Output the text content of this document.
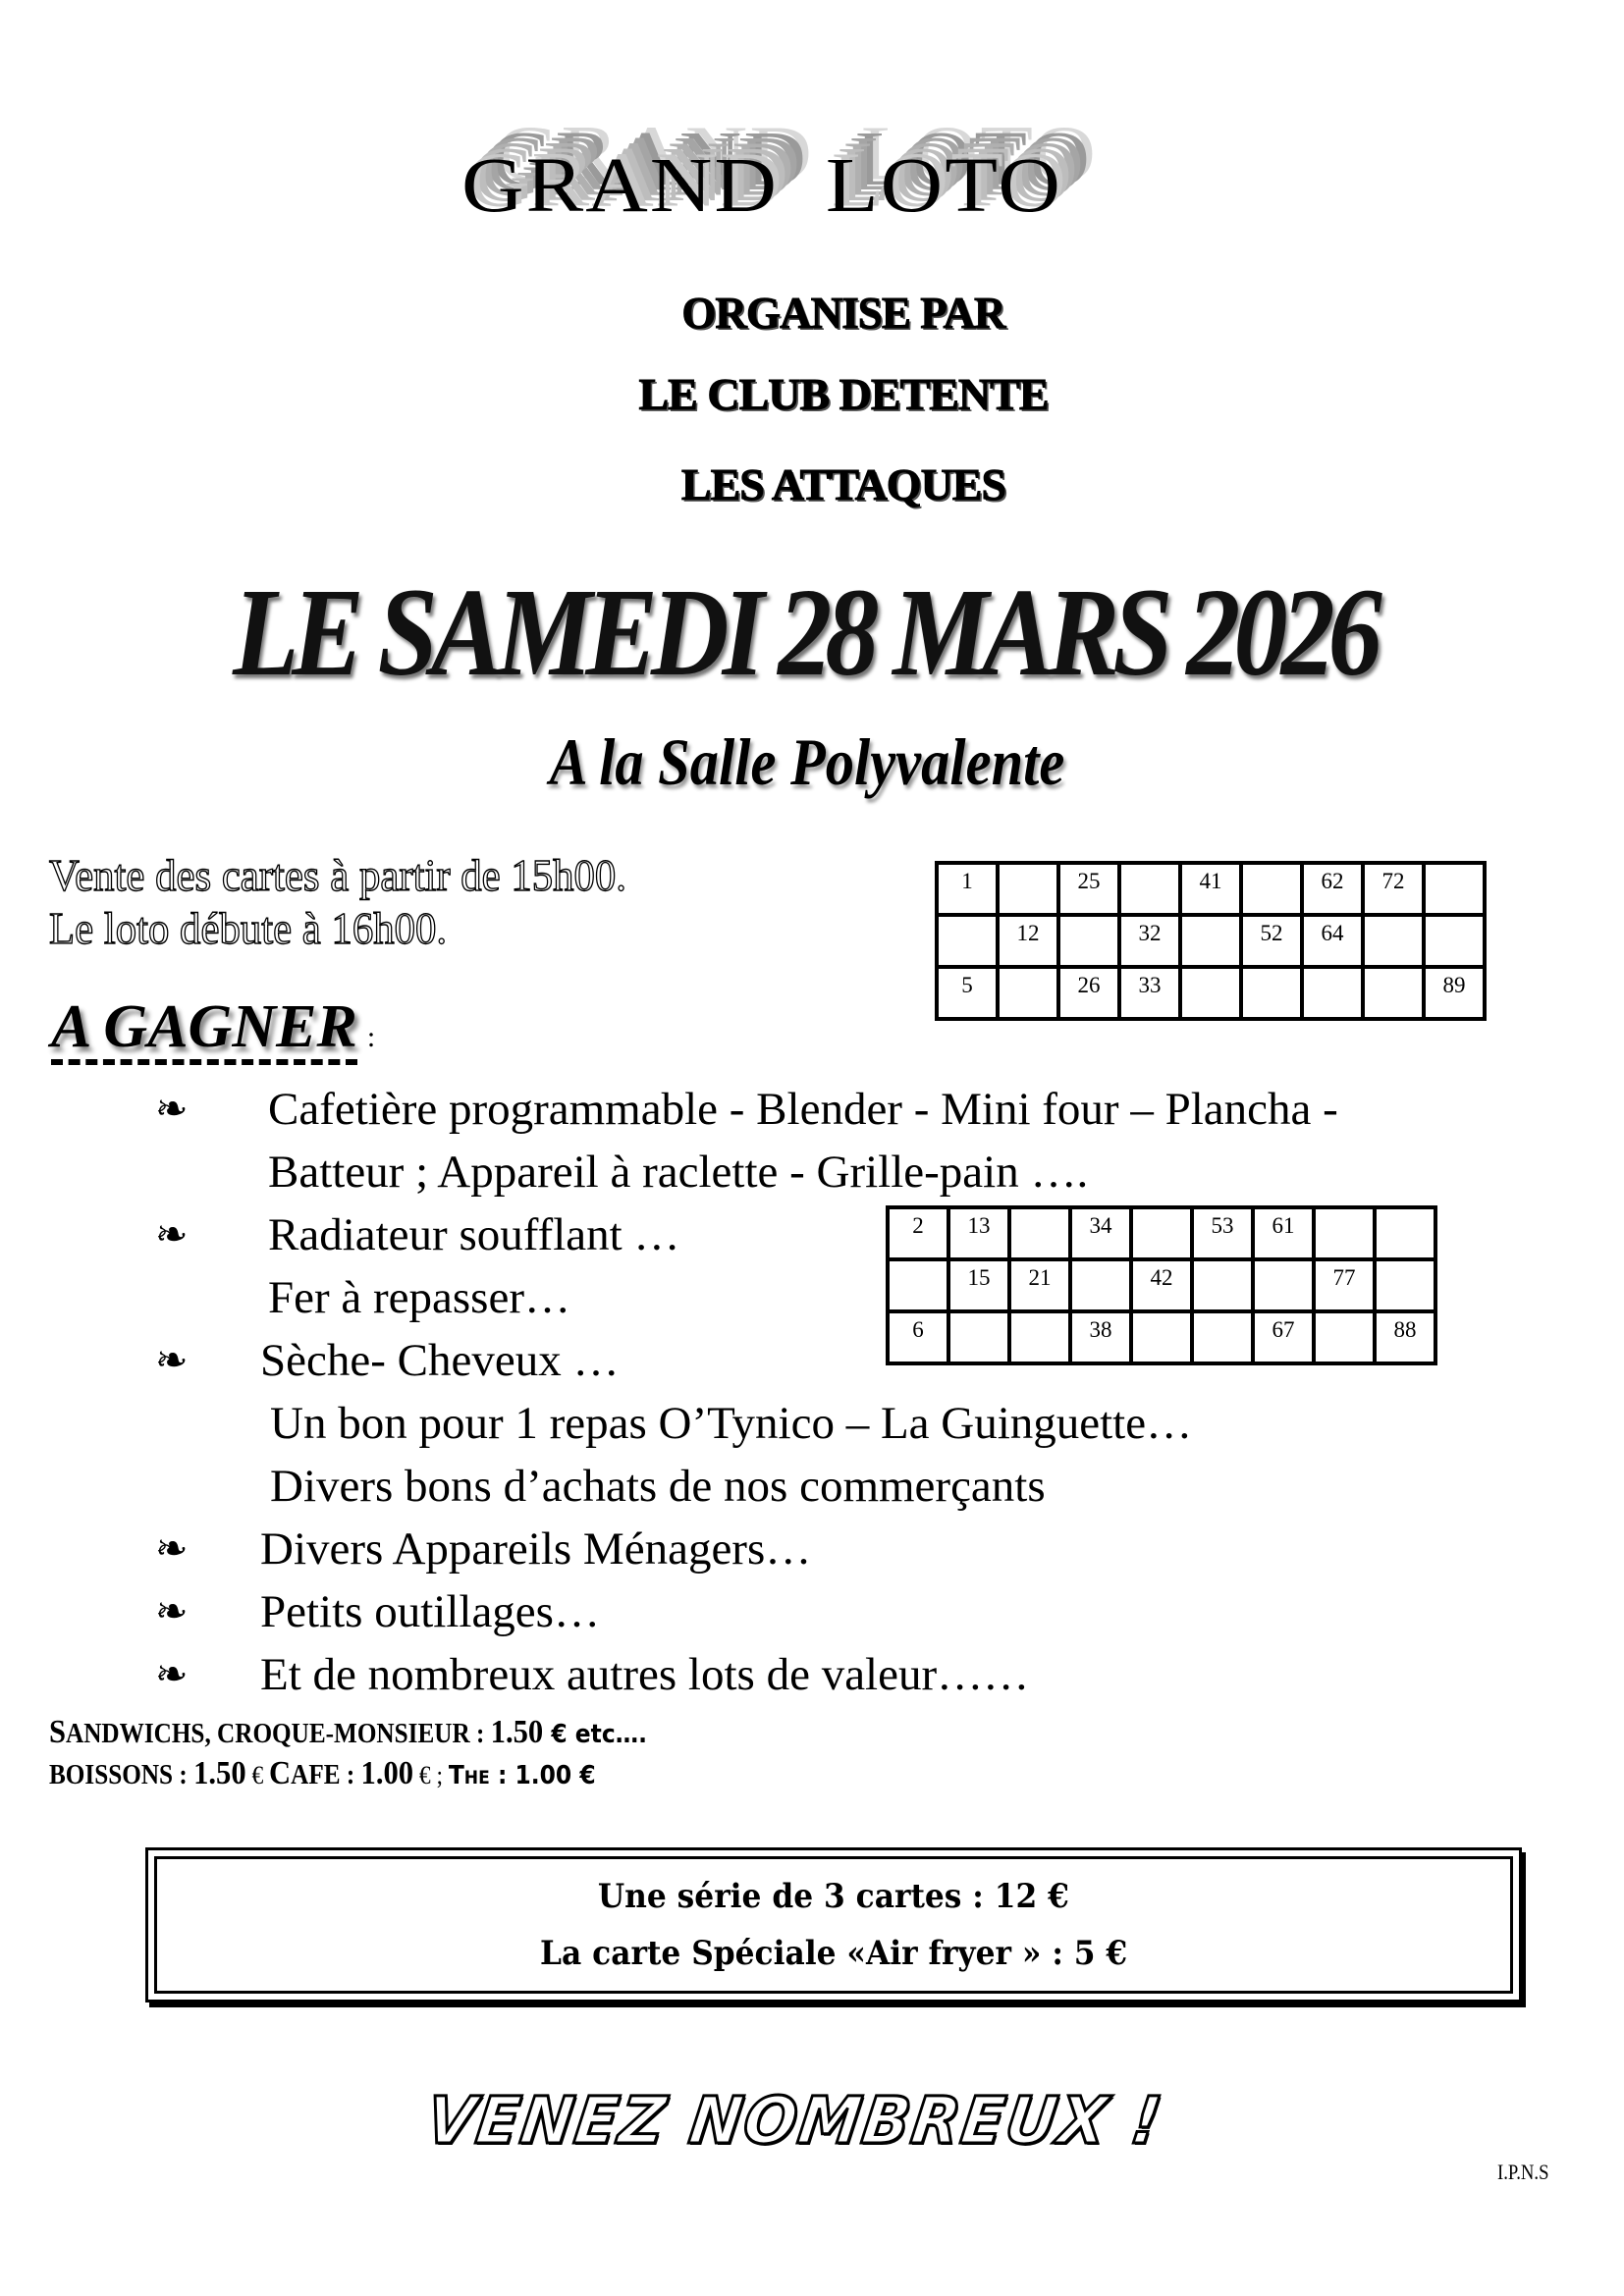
GRAND  LOTO
ORGANISE PAR
LE CLUB DETENTE
LES ATTAQUES
LE SAMEDI 28 MARS 2026
A la Salle Polyvalente
Vente des cartes à partir de 15h00.
Le loto débute à 16h00.
1		25		41		62	72	
	12		32		52	64		
5		26	33					89
A GAGNER :
❧	Cafetière programmable - Blender - Mini four – Plancha -
Batteur ; Appareil à raclette - Grille-pain ….
❧	Radiateur soufflant …
Fer à repasser…
❧	Sèche- Cheveux …
Un bon pour 1 repas O’Tynico – La Guinguette…
Divers bons d’achats de nos commerçants
❧	Divers Appareils Ménagers…
❧	Petits outillages…
❧	Et de nombreux autres lots de valeur……
2	13		34		53	61		
	15	21		42			77	
6			38			67		88
SANDWICHS, CROQUE-MONSIEUR : 1.50 € etc….
BOISSONS : 1.50 € CAFE : 1.00 € ; THE : 1.00 €
Une série de 3 cartes : 12 €
La carte Spéciale «Air fryer » : 5 €
VENEZ NOMBREUX !
I.P.N.S
